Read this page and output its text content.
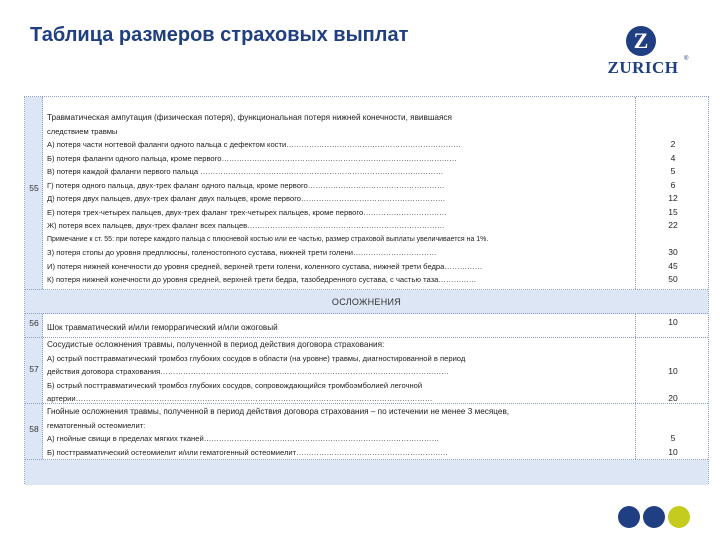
Таблица размеров страховых выплат	Z
ZURICH ®
55
Травматическая ампутация (физическая потеря), функциональная потеря нижней конечности, явившаяся
следствием травмы
А) потеря части ногтевой фаланги одного пальца с дефектом кости……………………………………………………………
Б) потеря фаланги одного пальца, кроме первого…………………………………………………………………………………
В) потеря каждой фаланги первого пальца ……………………………………………………………………………………
Г) потеря одного пальца, двух-трех фаланг одного пальца, кроме первого………………………………………………
Д) потеря двух пальцев, двух-трех фаланг двух пальцев, кроме первого…………………………………………………
Е) потеря трех-четырех пальцев, двух-трех фаланг трех-четырех пальцев, кроме первого……………………………
Ж) потеря всех пальцев, двух-трех фаланг всех пальцев……………………………………………………………………
Примечание к ст. 55: при потере каждого пальца с плюсневой костью или ее частью, размер страховой выплаты увеличивается на 1%.
З) потеря стопы до уровня предплюсны, голеностопного сустава, нижней трети голени……………………………
И) потеря нижней конечности до уровня средней, верхней трети голени, коленного сустава, нижней трети бедра……………
К) потеря нижней конечности до уровня средней, верхней трети бедра, тазобедренного сустава, с частью таза……………
2
4
5
6
12
15
22
30
45
50
ОСЛОЖНЕНИЯ
56	Шок травматический и/или геморрагический и/или ожоговый
10
57
Сосудистые осложнения травмы, полученной в период действия договора страхования:
А) острый посттравматический тромбоз глубоких сосудов в области (на уровне) травмы, диагностированной в период
действия договора страхования……………………………………………………………………………………………………
Б) острый посттравматический тромбоз глубоких сосудов, сопровождающийся тромбоэмболией легочной
артерии……………………………………………………………………………………………………………………………
10
20
58
Гнойные осложнения травмы, полученной в период действия договора страхования – по истечении не менее 3 месяцев,
гематогенный остеомиелит:
А) гнойные свищи в пределах мягких тканей…………………………………………………………………………………
Б) посттравматический остеомиелит и/или гематогенный остеомиелит……………………………………………………
5
10
